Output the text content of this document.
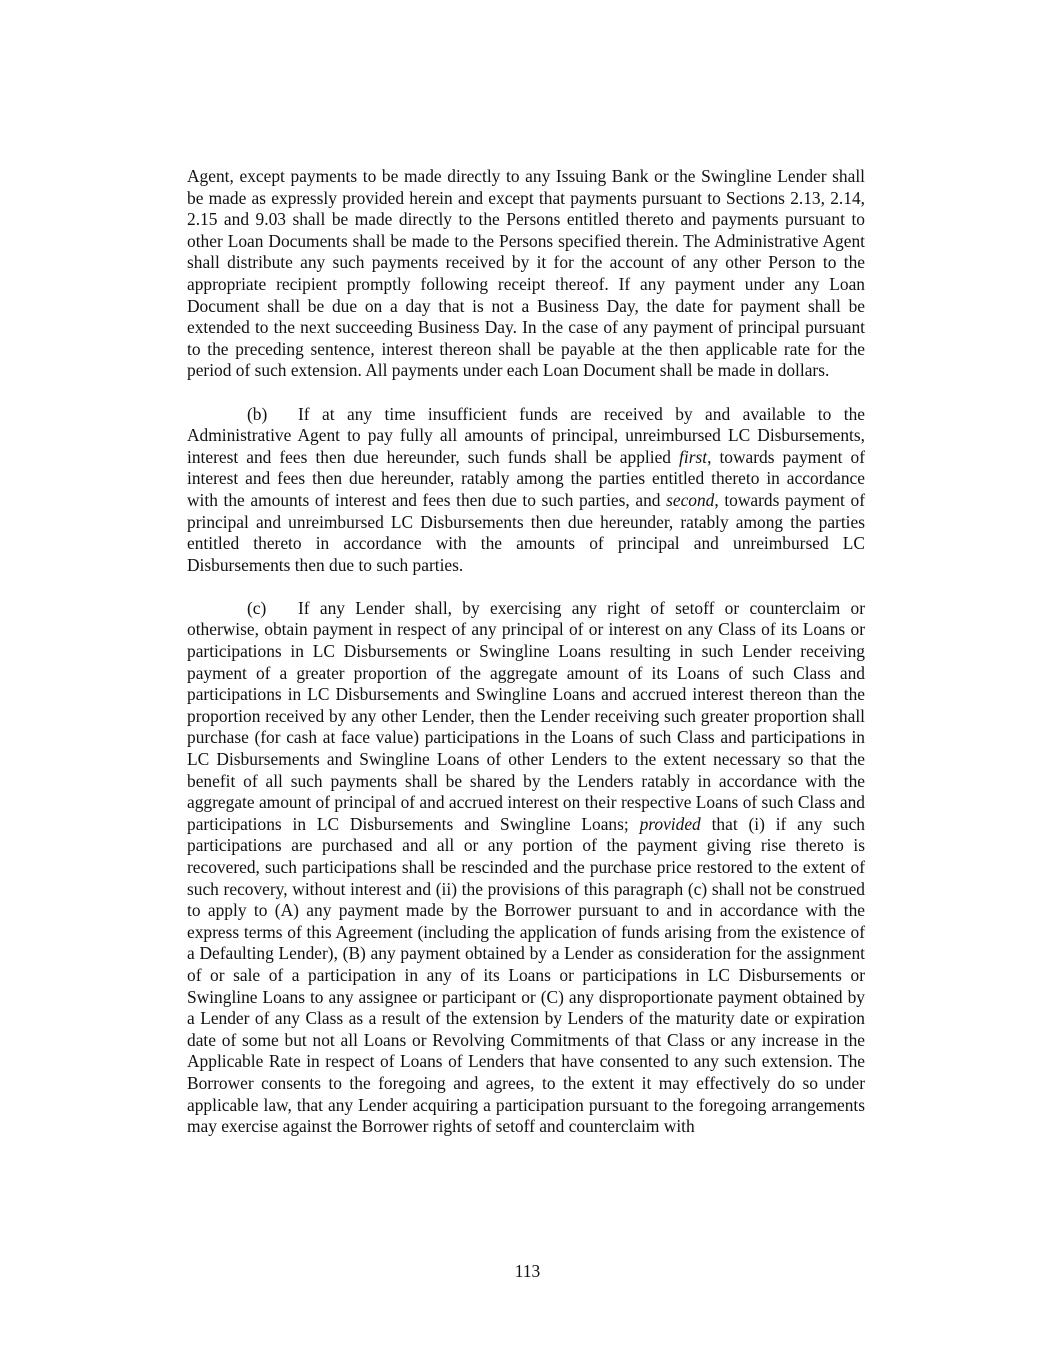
Agent, except payments to be made directly to any Issuing Bank or the Swingline Lender shall be made as expressly provided herein and except that payments pursuant to Sections 2.13, 2.14, 2.15 and 9.03 shall be made directly to the Persons entitled thereto and payments pursuant to other Loan Documents shall be made to the Persons specified therein. The Administrative Agent shall distribute any such payments received by it for the account of any other Person to the appropriate recipient promptly following receipt thereof. If any payment under any Loan Document shall be due on a day that is not a Business Day, the date for payment shall be extended to the next succeeding Business Day. In the case of any payment of principal pursuant to the preceding sentence, interest thereon shall be payable at the then applicable rate for the period of such extension. All payments under each Loan Document shall be made in dollars.

(b) If at any time insufficient funds are received by and available to the Administrative Agent to pay fully all amounts of principal, unreimbursed LC Disbursements, interest and fees then due hereunder, such funds shall be applied first, towards payment of interest and fees then due hereunder, ratably among the parties entitled thereto in accordance with the amounts of interest and fees then due to such parties, and second, towards payment of principal and unreimbursed LC Disbursements then due hereunder, ratably among the parties entitled thereto in accordance with the amounts of principal and unreimbursed LC Disbursements then due to such parties.

(c) If any Lender shall, by exercising any right of setoff or counterclaim or otherwise, obtain payment in respect of any principal of or interest on any Class of its Loans or participations in LC Disbursements or Swingline Loans resulting in such Lender receiving payment of a greater proportion of the aggregate amount of its Loans of such Class and participations in LC Disbursements and Swingline Loans and accrued interest thereon than the proportion received by any other Lender, then the Lender receiving such greater proportion shall purchase (for cash at face value) participations in the Loans of such Class and participations in LC Disbursements and Swingline Loans of other Lenders to the extent necessary so that the benefit of all such payments shall be shared by the Lenders ratably in accordance with the aggregate amount of principal of and accrued interest on their respective Loans of such Class and participations in LC Disbursements and Swingline Loans; provided that (i) if any such participations are purchased and all or any portion of the payment giving rise thereto is recovered, such participations shall be rescinded and the purchase price restored to the extent of such recovery, without interest and (ii) the provisions of this paragraph (c) shall not be construed to apply to (A) any payment made by the Borrower pursuant to and in accordance with the express terms of this Agreement (including the application of funds arising from the existence of a Defaulting Lender), (B) any payment obtained by a Lender as consideration for the assignment of or sale of a participation in any of its Loans or participations in LC Disbursements or Swingline Loans to any assignee or participant or (C) any disproportionate payment obtained by a Lender of any Class as a result of the extension by Lenders of the maturity date or expiration date of some but not all Loans or Revolving Commitments of that Class or any increase in the Applicable Rate in respect of Loans of Lenders that have consented to any such extension. The Borrower consents to the foregoing and agrees, to the extent it may effectively do so under applicable law, that any Lender acquiring a participation pursuant to the foregoing arrangements may exercise against the Borrower rights of setoff and counterclaim with

113
